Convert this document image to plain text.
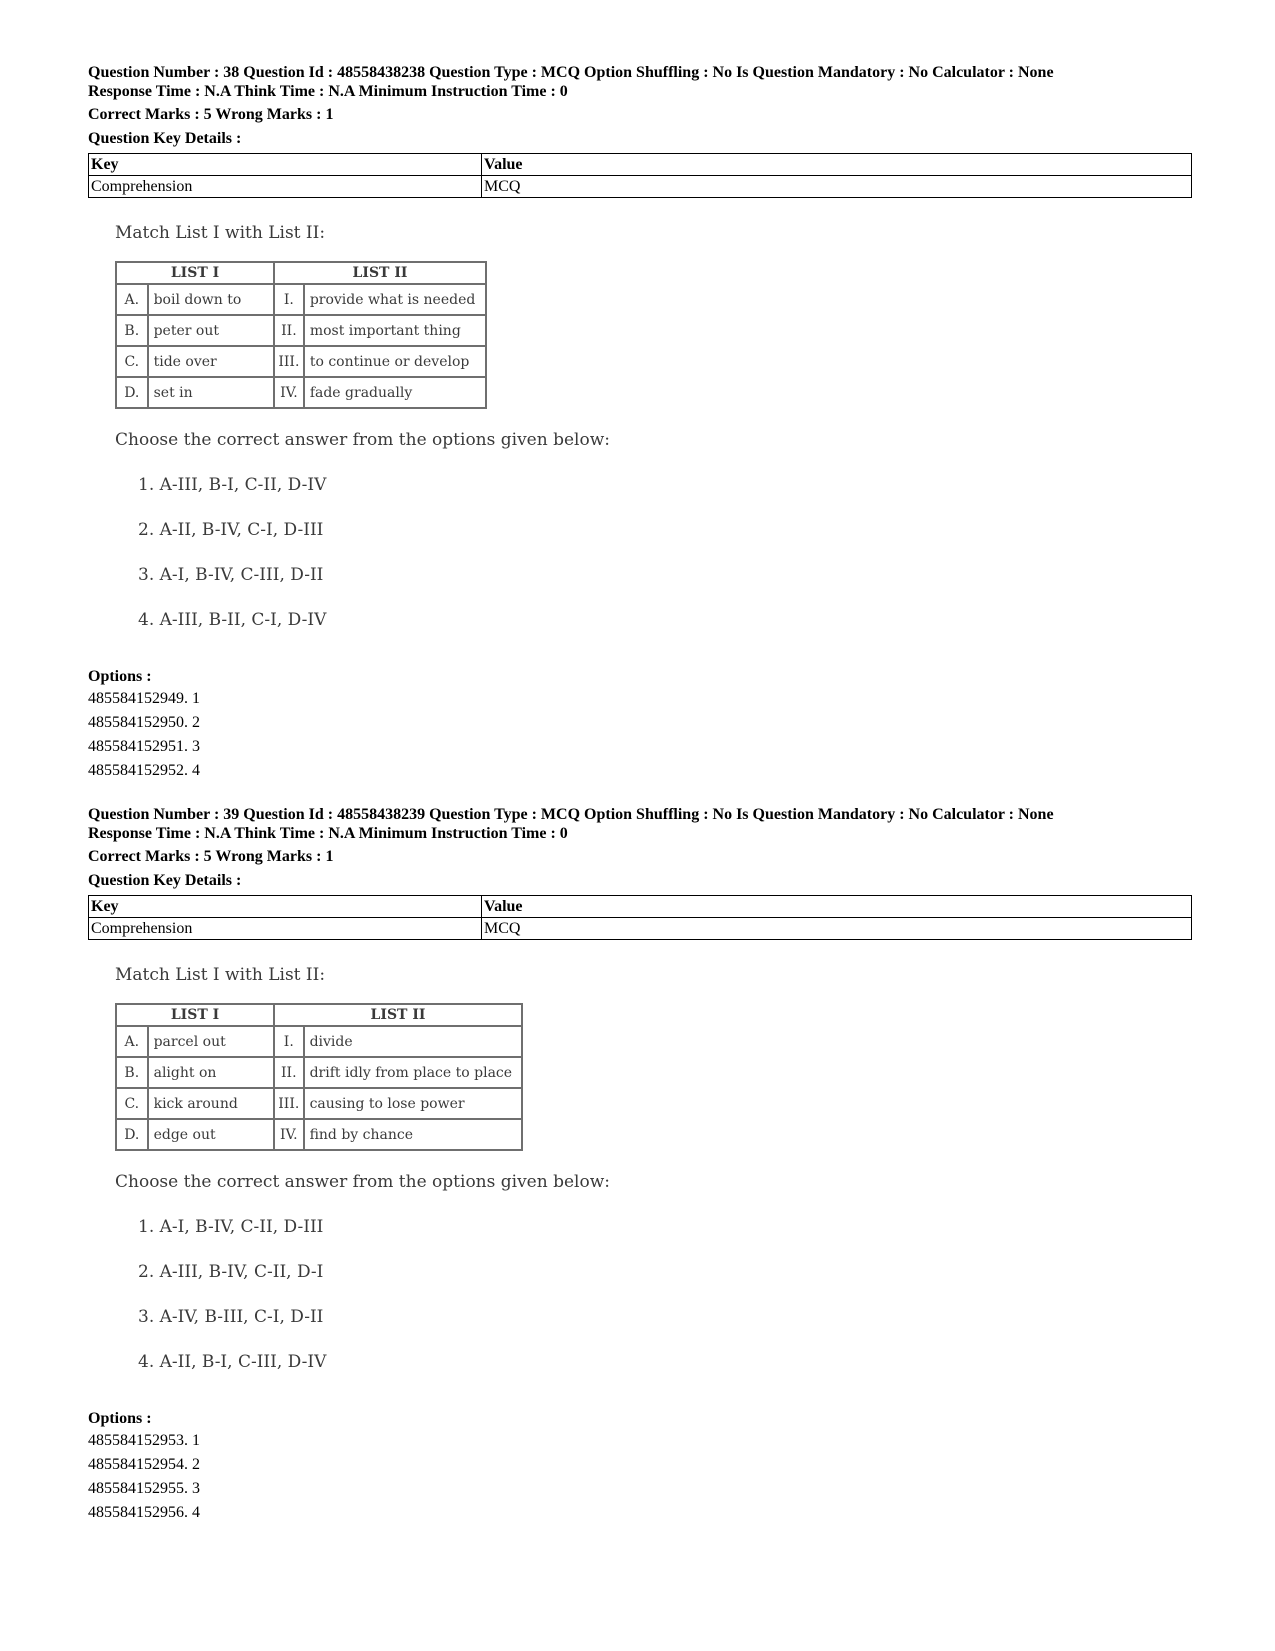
Question Number : 38 Question Id : 48558438238 Question Type : MCQ Option Shuffling : No Is Question Mandatory : No Calculator : None

Response Time : N.A Think Time : N.A Minimum Instruction Time : 0

Correct Marks : 5 Wrong Marks : 1
Question Key Details :
Key	Value
Comprehension	MCQ

Match List I with List II:

LIST I		LIST II	
A.	boil down to	I.	provide what is needed
B.	peter out	II.	most important thing
C.	tide over	III.	to continue or develop
D.	set in	IV.	fade gradually
Choose the correct answer from the options given below:
1. A-III, B-I, C-II, D-IV
2. A-II, B-IV, C-I, D-III
3. A-I, B-IV, C-III, D-II
4. A-III, B-II, C-I, D-IV
Options :
485584152949. 1
485584152950. 2
485584152951. 3
485584152952. 4

Question Number : 39 Question Id : 48558438239 Question Type : MCQ Option Shuffling : No Is Question Mandatory : No Calculator : None

Response Time : N.A Think Time : N.A Minimum Instruction Time : 0

Correct Marks : 5 Wrong Marks : 1
Question Key Details :
Key	Value
Comprehension	MCQ

Match List I with List II:

LIST I		LIST II	
A.	parcel out	I.	divide
B.	alight on	II.	drift idly from place to place
C.	kick around	III.	causing to lose power
D.	edge out	IV.	find by chance
Choose the correct answer from the options given below:
1. A-I, B-IV, C-II, D-III
2. A-III, B-IV, C-II, D-I
3. A-IV, B-III, C-I, D-II
4. A-II, B-I, C-III, D-IV
Options :
485584152953. 1
485584152954. 2
485584152955. 3
485584152956. 4
